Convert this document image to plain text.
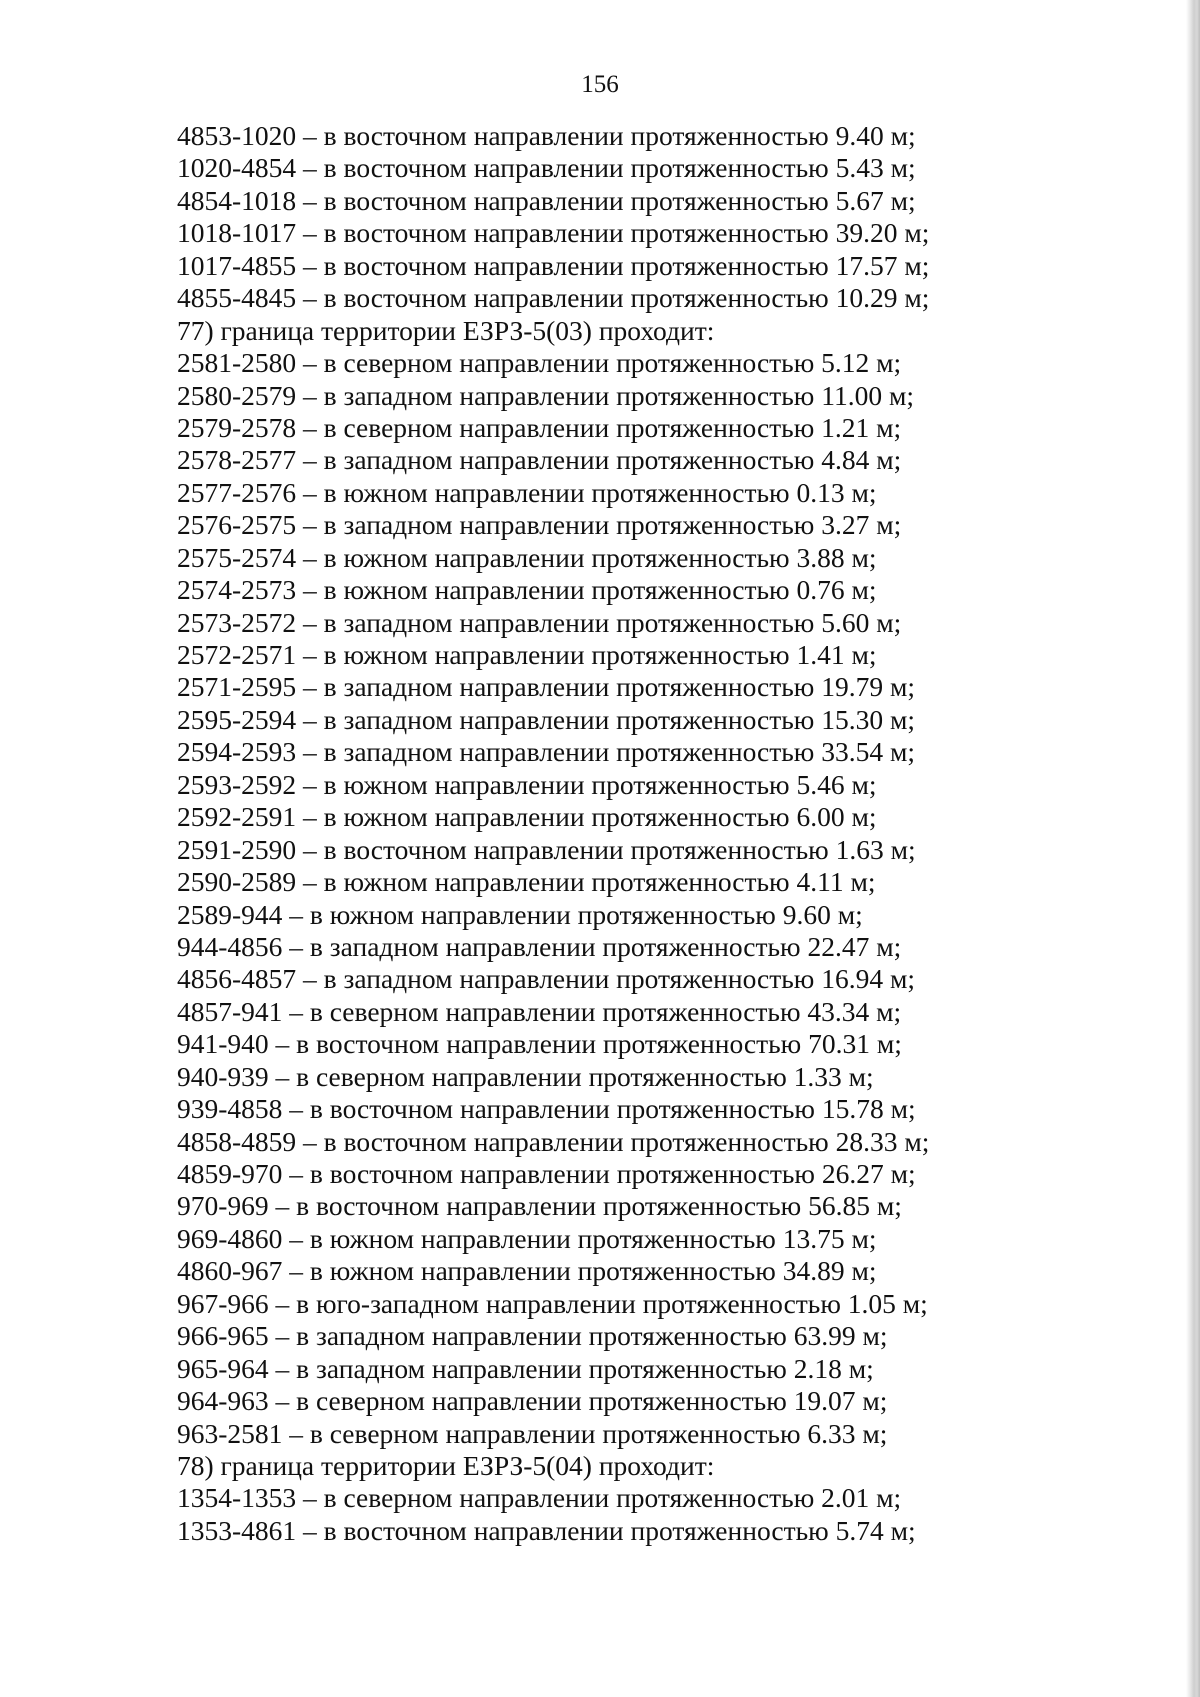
156
4853-1020 – в восточном направлении протяженностью 9.40 м;
1020-4854 – в восточном направлении протяженностью 5.43 м;
4854-1018 – в восточном направлении протяженностью 5.67 м;
1018-1017 – в восточном направлении протяженностью 39.20 м;
1017-4855 – в восточном направлении протяженностью 17.57 м;
4855-4845 – в восточном направлении протяженностью 10.29 м;
77) граница территории ЕЗРЗ-5(03) проходит:
2581-2580 – в северном направлении протяженностью 5.12 м;
2580-2579 – в западном направлении протяженностью 11.00 м;
2579-2578 – в северном направлении протяженностью 1.21 м;
2578-2577 – в западном направлении протяженностью 4.84 м;
2577-2576 – в южном направлении протяженностью 0.13 м;
2576-2575 – в западном направлении протяженностью 3.27 м;
2575-2574 – в южном направлении протяженностью 3.88 м;
2574-2573 – в южном направлении протяженностью 0.76 м;
2573-2572 – в западном направлении протяженностью 5.60 м;
2572-2571 – в южном направлении протяженностью 1.41 м;
2571-2595 – в западном направлении протяженностью 19.79 м;
2595-2594 – в западном направлении протяженностью 15.30 м;
2594-2593 – в западном направлении протяженностью 33.54 м;
2593-2592 – в южном направлении протяженностью 5.46 м;
2592-2591 – в южном направлении протяженностью 6.00 м;
2591-2590 – в восточном направлении протяженностью 1.63 м;
2590-2589 – в южном направлении протяженностью 4.11 м;
2589-944 – в южном направлении протяженностью 9.60 м;
944-4856 – в западном направлении протяженностью 22.47 м;
4856-4857 – в западном направлении протяженностью 16.94 м;
4857-941 – в северном направлении протяженностью 43.34 м;
941-940 – в восточном направлении протяженностью 70.31 м;
940-939 – в северном направлении протяженностью 1.33 м;
939-4858 – в восточном направлении протяженностью 15.78 м;
4858-4859 – в восточном направлении протяженностью 28.33 м;
4859-970 – в восточном направлении протяженностью 26.27 м;
970-969 – в восточном направлении протяженностью 56.85 м;
969-4860 – в южном направлении протяженностью 13.75 м;
4860-967 – в южном направлении протяженностью 34.89 м;
967-966 – в юго-западном направлении протяженностью 1.05 м;
966-965 – в западном направлении протяженностью 63.99 м;
965-964 – в западном направлении протяженностью 2.18 м;
964-963 – в северном направлении протяженностью 19.07 м;
963-2581 – в северном направлении протяженностью 6.33 м;
78) граница территории ЕЗРЗ-5(04) проходит:
1354-1353 – в северном направлении протяженностью 2.01 м;
1353-4861 – в восточном направлении протяженностью 5.74 м;
